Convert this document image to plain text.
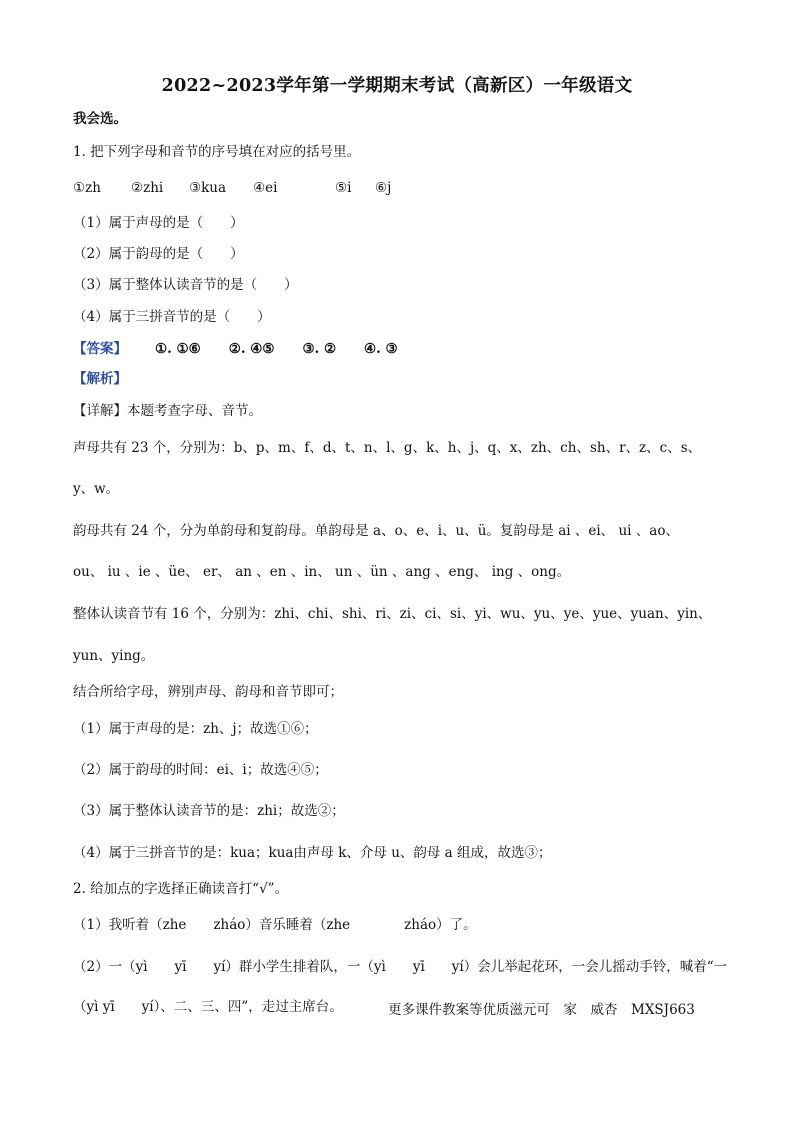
2022~2023学年第一学期期末考试（高新区）一年级语文
我会选。
1. 把下列字母和音节的序号填在对应的括号里。
①zh ②zhi ③kua ④ei	⑤i ⑥j
（1）属于声母的是（　　）
（2）属于韵母的是（　　）
（3）属于整体认读音节的是（　　）
（4）属于三拼音节的是（　　）
【答案】 ①. ①⑥ ②. ④⑤ ③. ② ④. ③
【解析】
【详解】本题考查字母、音节。
声母共有 23 个，分别为：b、p、m、f、d、t、n、l、g、k、h、j、q、x、zh、ch、sh、r、z、c、s、
y、w。
韵母共有 24 个，分为单韵母和复韵母。单韵母是 a、o、e、i、u、ü。复韵母是 ai 、ei、 ui 、ao、
ou、 iu 、ie 、üe、 er、 an 、en 、in、 un 、ün 、ang 、eng、 ing 、ong。
整体认读音节有 16 个，分别为：zhi、chi、shi、ri、zi、ci、si、yi、wu、yu、ye、yue、yuan、yin、
yun、ying。
结合所给字母，辨别声母、韵母和音节即可；
（1）属于声母的是：zh、j；故选①⑥；
（2）属于韵母的时间：ei、i；故选④⑤；
（3）属于整体认读音节的是：zhi；故选②；
（4）属于三拼音节的是：kua；kua由声母 k、介母 u、韵母 a 组成，故选③；
2. 给加点的字选择正确读音打“√”。
（1）我听着（zhe　　zháo）音乐睡着（zhe　　　　zháo）了。
（2）一（yì　　yī　　yí）群小学生排着队，一（yì　　yī　　yí）会儿举起花环，一会儿摇动手铃，喊着“一
（yì yī　　yí）、二、三、四”，走过主席台。	更多课件教案等优质滋元可　家　威杏　MXSJ663
